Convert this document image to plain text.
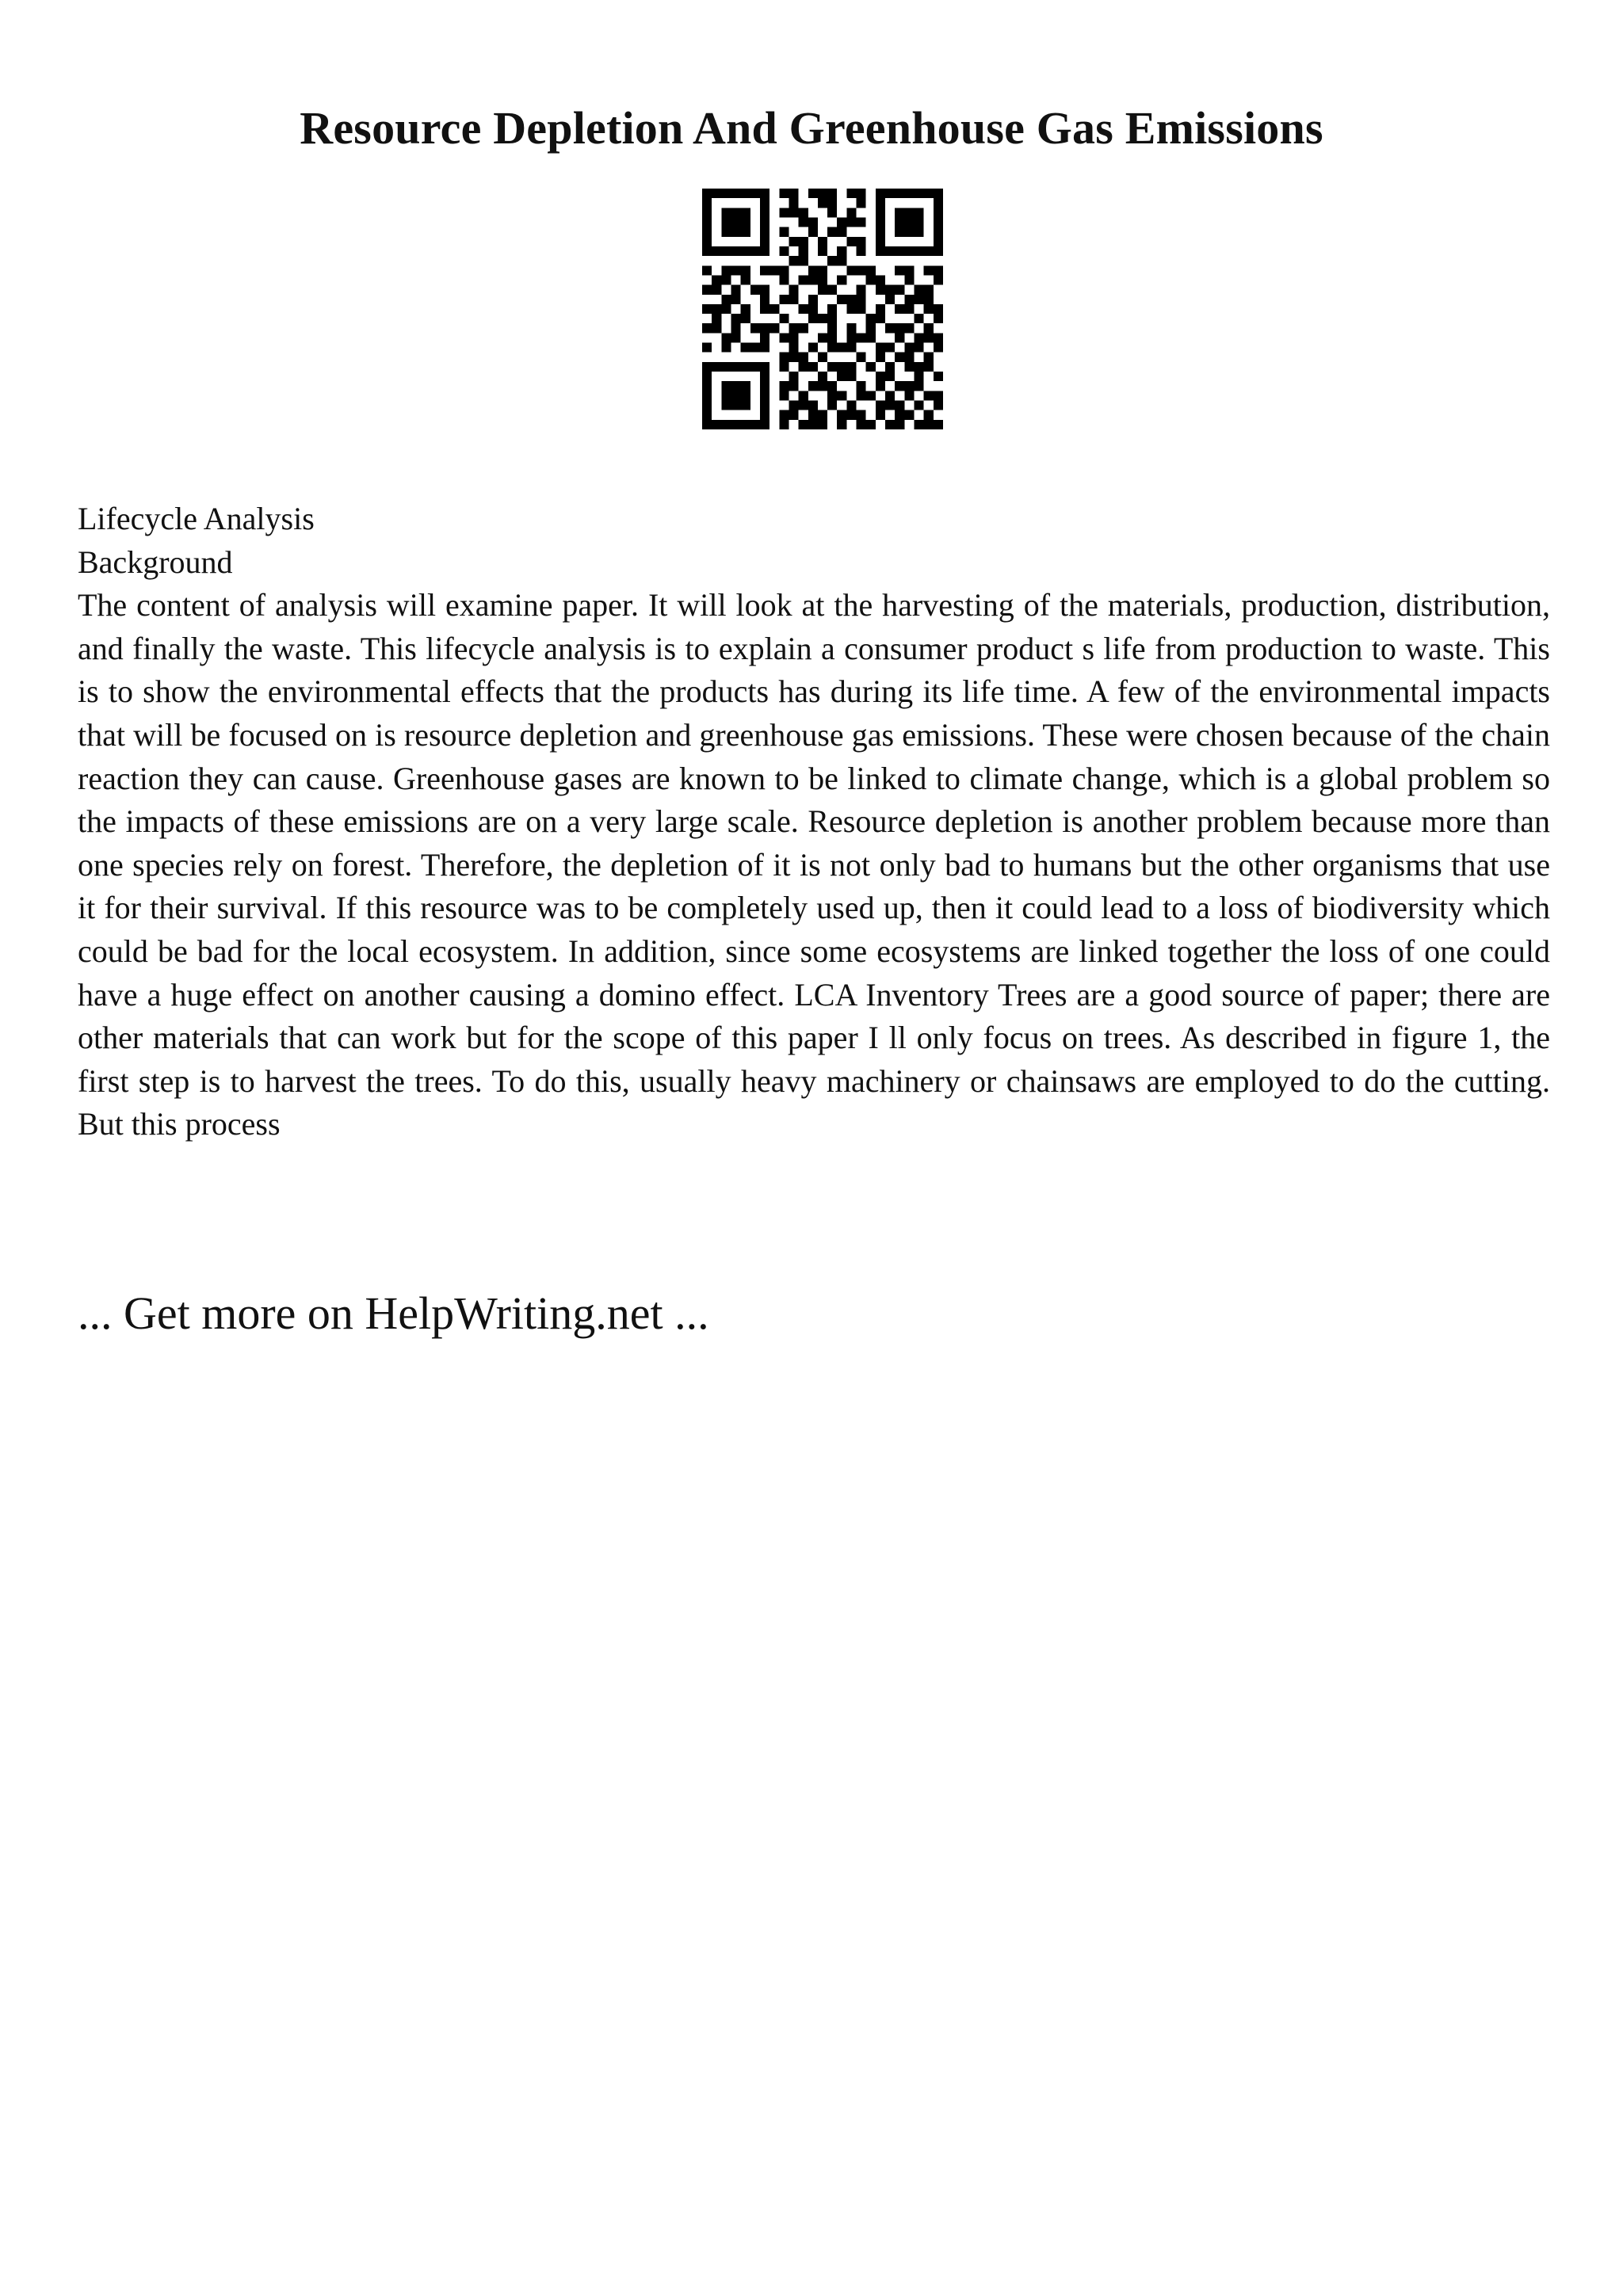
Resource Depletion And Greenhouse Gas Emissions
Lifecycle Analysis
Background
The content of analysis will examine paper. It will look at the harvesting of the materials, production, distribution, and finally the waste. This lifecycle analysis is to explain a consumer product s life from production to waste. This is to show the environmental effects that the products has during its life time. A few of the environmental impacts that will be focused on is resource depletion and greenhouse gas emissions. These were chosen because of the chain reaction they can cause. Greenhouse gases are known to be linked to climate change, which is a global problem so the impacts of these emissions are on a very large scale. Resource depletion is another problem because more than one species rely on forest. Therefore, the depletion of it is not only bad to humans but the other organisms that use it for their survival. If this resource was to be completely used up, then it could lead to a loss of biodiversity which could be bad for the local ecosystem. In addition, since some ecosystems are linked together the loss of one could have a huge effect on another causing a domino effect. LCA Inventory Trees are a good source of paper; there are other materials that can work but for the scope of this paper I ll only focus on trees. As described in figure 1, the first step is to harvest the trees. To do this, usually heavy machinery or chainsaws are employed to do the cutting. But this process

... Get more on HelpWriting.net ...
